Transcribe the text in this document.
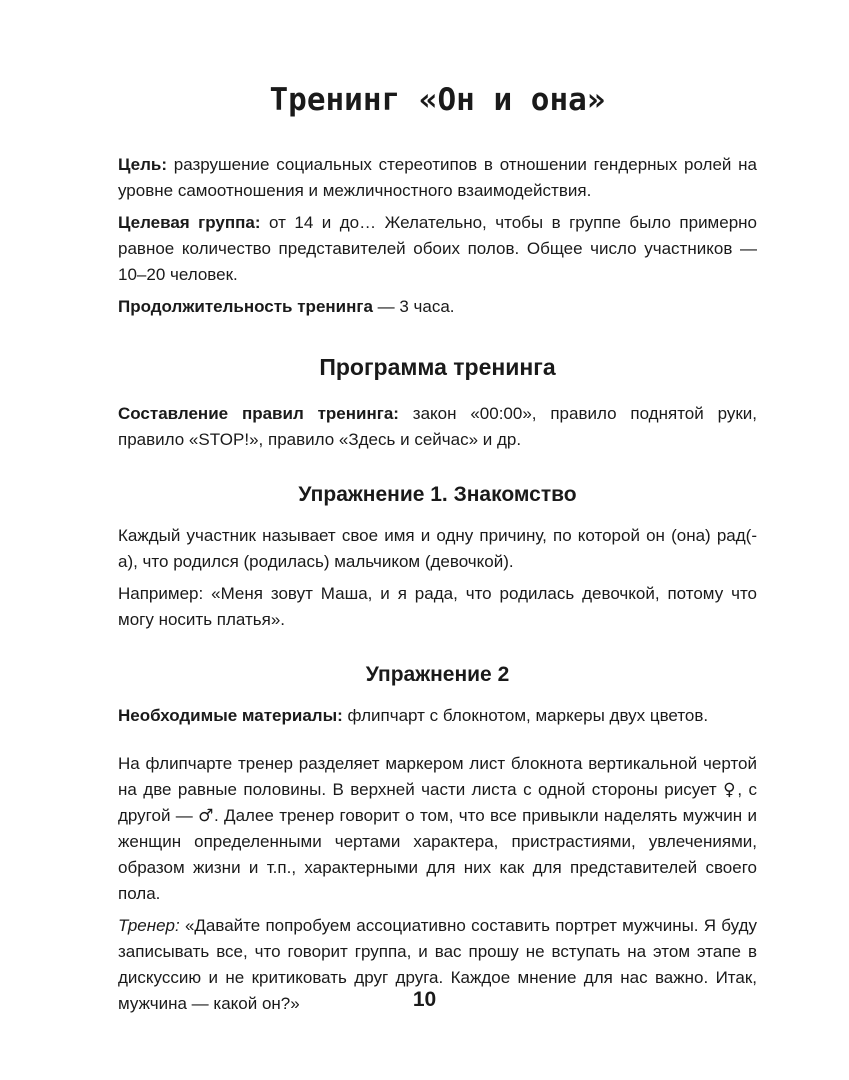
Тренинг «Он и она»

Цель: разрушение социальных стереотипов в отношении гендерных ролей на уровне самоотношения и межличностного взаимодействия.

Целевая группа: от 14 и до… Желательно, чтобы в группе было примерно равное количество представителей обоих полов. Общее число участников — 10–20 человек.

Продолжительность тренинга — 3 часа.

Программа тренинга

Составление правил тренинга: закон «00:00», правило поднятой руки, правило «STOP!», правило «Здесь и сейчас» и др.

Упражнение 1. Знакомство

Каждый участник называет свое имя и одну причину, по которой он (она) рад(-а), что родился (родилась) мальчиком (девочкой).

Например: «Меня зовут Маша, и я рада, что родилась девочкой, потому что могу носить платья».

Упражнение 2

Необходимые материалы: флипчарт с блокнотом, маркеры двух цветов.

На флипчарте тренер разделяет маркером лист блокнота вертикальной чертой на две равные половины. В верхней части листа с одной стороны рисует ♀, с другой — ♂. Далее тренер говорит о том, что все привыкли наделять мужчин и женщин определенными чертами характера, пристрастиями, увлечениями, образом жизни и т.п., характерными для них как для представителей своего пола.

Тренер: «Давайте попробуем ассоциативно составить портрет мужчины. Я буду записывать все, что говорит группа, и вас прошу не вступать на этом этапе в дискуссию и не критиковать друг друга. Каждое мнение для нас важно. Итак, мужчина — какой он?»	10
